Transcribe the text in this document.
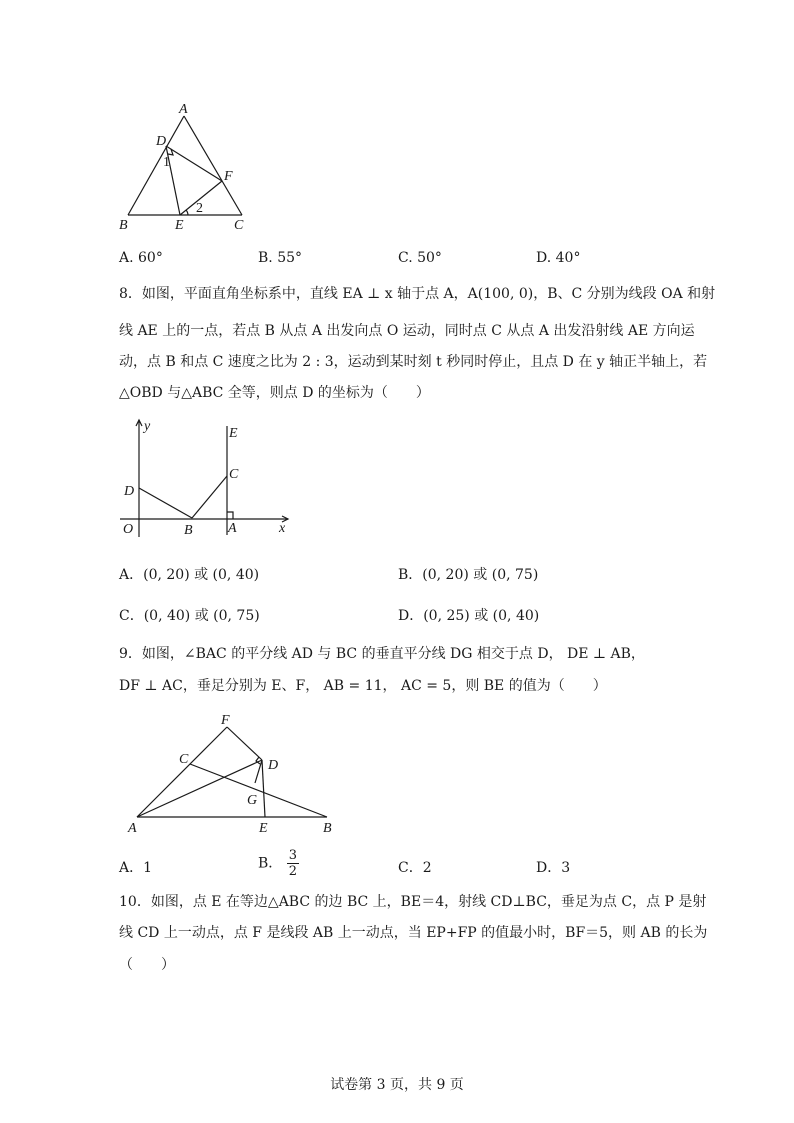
A
D
1
F
2
B	E	C
A. 60°	B. 55°	C. 50°	D. 40°
8．如图，平面直角坐标系中，直线 EA ⊥ x 轴于点 A，A(100, 0)，B、C 分别为线段 OA 和射
线 AE 上的一点，若点 B 从点 A 出发向点 O 运动，同时点 C 从点 A 出发沿射线 AE 方向运
动，点 B 和点 C 速度之比为 2 : 3，运动到某时刻 t 秒同时停止，且点 D 在 y 轴正半轴上，若
△OBD 与△ABC 全等，则点 D 的坐标为（　　）
y	E
C
D
O	B	A	x
A．(0, 20) 或 (0, 40)	B．(0, 20) 或 (0, 75)
C．(0, 40) 或 (0, 75)	D．(0, 25) 或 (0, 40)
9．如图，∠BAC 的平分线 AD 与 BC 的垂直平分线 DG 相交于点 D， DE ⊥ AB，
DF ⊥ AC，垂足分别为 E、F， AB = 11， AC = 5，则 BE 的值为（　　）
F
C	D
G
A	E	B
A．1	B． $\frac{3}{2}$	C．2	D．3
10．如图，点 E 在等边△ABC 的边 BC 上，BE＝4，射线 CD⊥BC，垂足为点 C，点 P 是射
线 CD 上一动点，点 F 是线段 AB 上一动点，当 EP+FP 的值最小时，BF＝5，则 AB 的长为
（　　）
试卷第 3 页，共 9 页
